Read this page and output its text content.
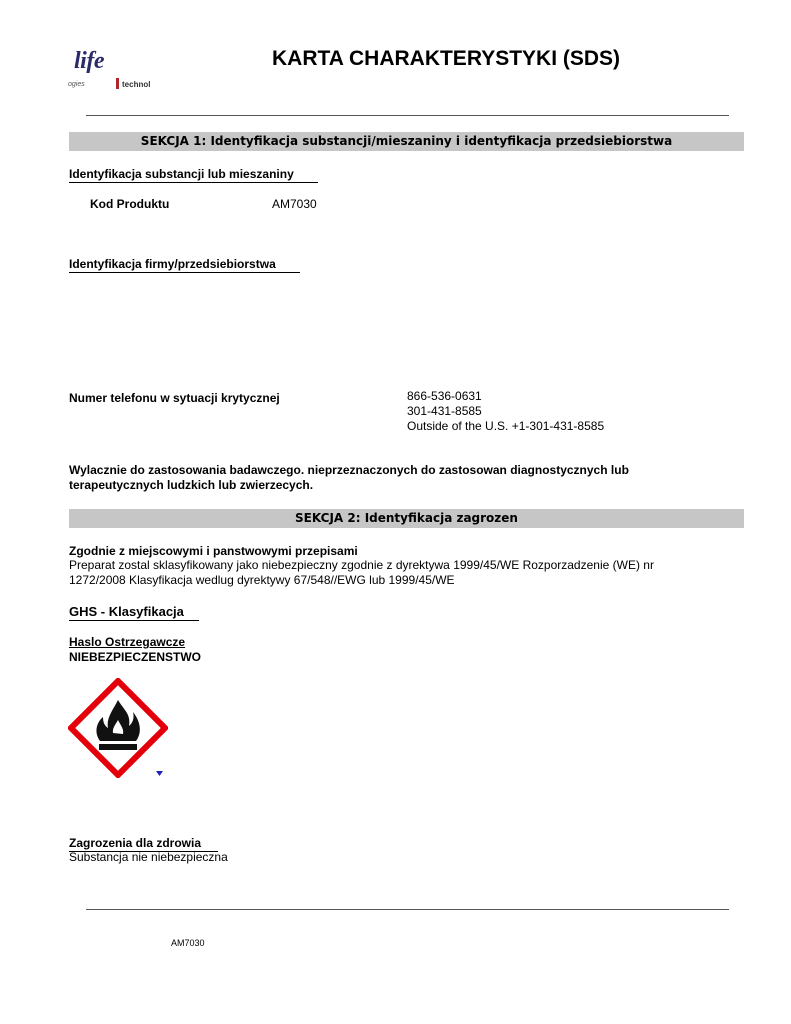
life
ogies	technol
KARTA CHARAKTERYSTYKI (SDS)
SEKCJA 1: Identyfikacja substancji/mieszaniny i identyfikacja przedsiebiorstwa
Identyfikacja substancji lub mieszaniny
Kod Produktu	AM7030
Identyfikacja firmy/przedsiebiorstwa
Numer telefonu w sytuacji krytycznej	866-536-0631
301-431-8585
Outside of the U.S. +1-301-431-8585
Wylacznie do zastosowania badawczego. nieprzeznaczonych do zastosowan diagnostycznych lub
terapeutycznych ludzkich lub zwierzecych.
SEKCJA 2: Identyfikacja zagrozen
Zgodnie z miejscowymi i panstwowymi przepisami
Preparat zostal sklasyfikowany jako niebezpieczny zgodnie z dyrektywa 1999/45/WE Rozporzadzenie (WE) nr
1272/2008 Klasyfikacja wedlug dyrektywy 67/548//EWG lub 1999/45/WE
GHS - Klasyfikacja
Haslo Ostrzegawcze
NIEBEZPIECZENSTWO
Zagrozenia dla zdrowia
Substancja nie niebezpieczna
AM7030
